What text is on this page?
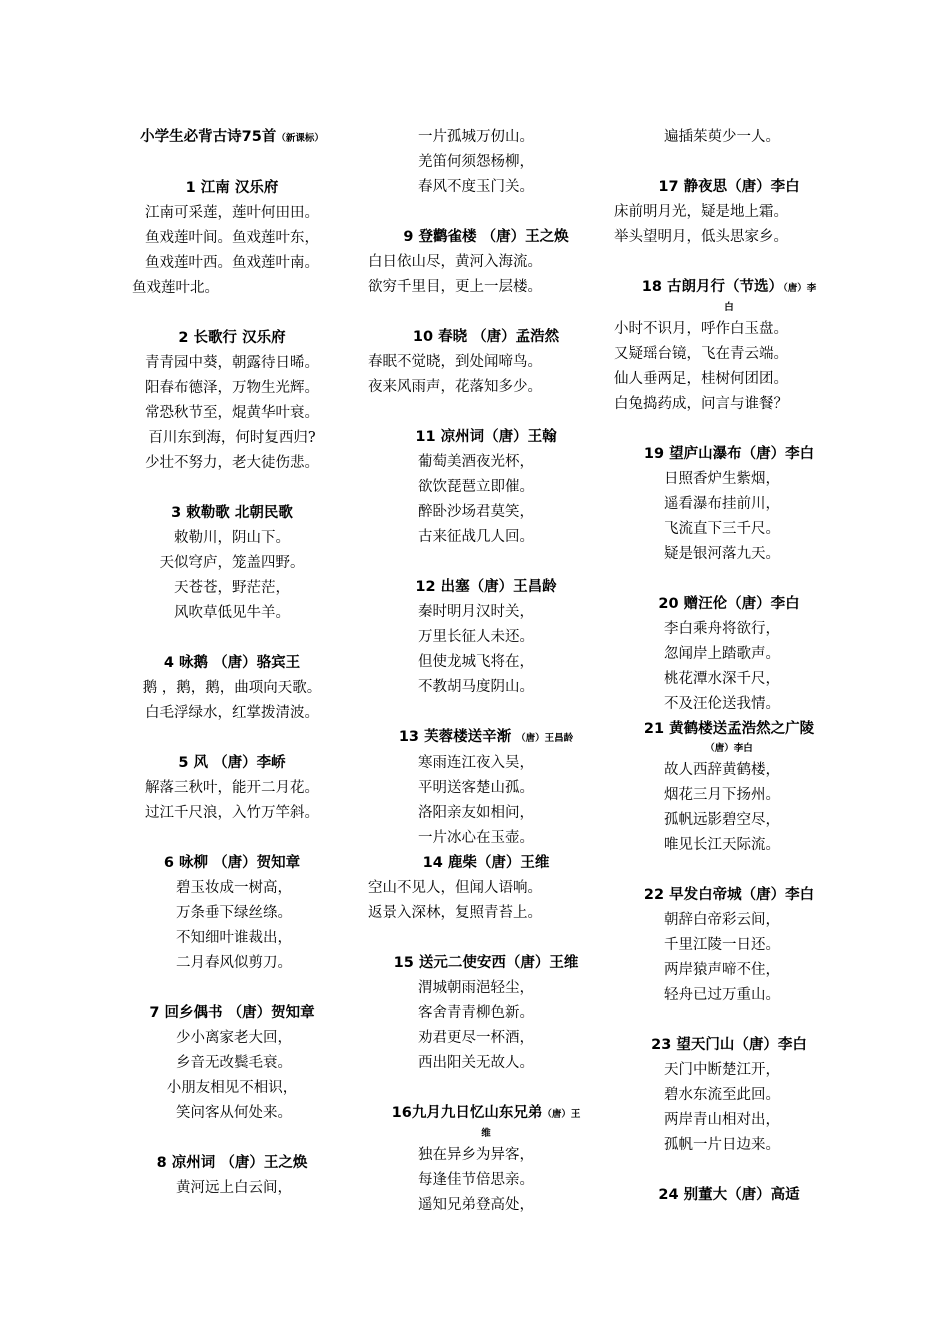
小学生必背古诗75首（新课标）
1 江南 汉乐府
江南可采莲，莲叶何田田。
鱼戏莲叶间。鱼戏莲叶东，
鱼戏莲叶西。鱼戏莲叶南。
鱼戏莲叶北。
2 长歌行 汉乐府
青青园中葵，朝露待日晞。
阳春布德泽，万物生光辉。
常恐秋节至，焜黄华叶衰。
百川东到海，何时复西归?
少壮不努力，老大徒伤悲。
3 敕勒歌 北朝民歌
敕勒川，阴山下。
天似穹庐，笼盖四野。
天苍苍，野茫茫，
风吹草低见牛羊。
4 咏鹅 （唐）骆宾王
鹅 ，鹅，鹅，曲项向天歌。
白毛浮绿水，红掌拨清波。
5 风 （唐）李峤
解落三秋叶，能开二月花。
过江千尺浪，入竹万竿斜。
6 咏柳 （唐）贺知章
碧玉妆成一树高，
万条垂下绿丝绦。
不知细叶谁裁出，
二月春风似剪刀。
7 回乡偶书 （唐）贺知章
少小离家老大回，
乡音无改鬓毛衰。
小朋友相见不相识，
笑问客从何处来。
8 凉州词 （唐）王之焕
黄河远上白云间，
一片孤城万仞山。
羌笛何须怨杨柳，
春风不度玉门关。
9 登鹳雀楼 （唐）王之焕
白日依山尽，黄河入海流。
欲穷千里目，更上一层楼。
10 春晓 （唐）孟浩然
春眠不觉晓，到处闻啼鸟。
夜来风雨声，花落知多少。
11 凉州词（唐）王翰
葡萄美酒夜光杯，
欲饮琵琶立即催。
醉卧沙场君莫笑，
古来征战几人回。
12 出塞（唐）王昌龄
秦时明月汉时关，
万里长征人未还。
但使龙城飞将在，
不教胡马度阴山。
13 芙蓉楼送辛渐 （唐）王昌龄
寒雨连江夜入吴，
平明送客楚山孤。
洛阳亲友如相问，
一片冰心在玉壶。
14 鹿柴（唐）王维
空山不见人，但闻人语响。
返景入深林，复照青苔上。
15 送元二使安西（唐）王维
渭城朝雨浥轻尘，
客舍青青柳色新。
劝君更尽一杯酒，
西出阳关无故人。
16九月九日忆山东兄弟（唐）王
维
独在异乡为异客，
每逢佳节倍思亲。
遥知兄弟登高处，
遍插茱萸少一人。
17 静夜思（唐）李白
床前明月光，疑是地上霜。
举头望明月，低头思家乡。
18 古朗月行（节选）（唐）李
白
小时不识月，呼作白玉盘。
又疑瑶台镜，飞在青云端。
仙人垂两足，桂树何团团。
白兔捣药成，问言与谁餐？
19 望庐山瀑布（唐）李白
日照香炉生紫烟，
遥看瀑布挂前川，
飞流直下三千尺。
疑是银河落九天。
20 赠汪伦（唐）李白
李白乘舟将欲行，
忽闻岸上踏歌声。
桃花潭水深千尺，
不及汪伦送我情。
21 黄鹤楼送孟浩然之广陵
（唐）李白
故人西辞黄鹤楼，
烟花三月下扬州。
孤帆远影碧空尽，
唯见长江天际流。
22 早发白帝城（唐）李白
朝辞白帝彩云间，
千里江陵一日还。
两岸猿声啼不住，
轻舟已过万重山。
23 望天门山（唐）李白
天门中断楚江开，
碧水东流至此回。
两岸青山相对出，
孤帆一片日边来。
24 别董大（唐）高适
